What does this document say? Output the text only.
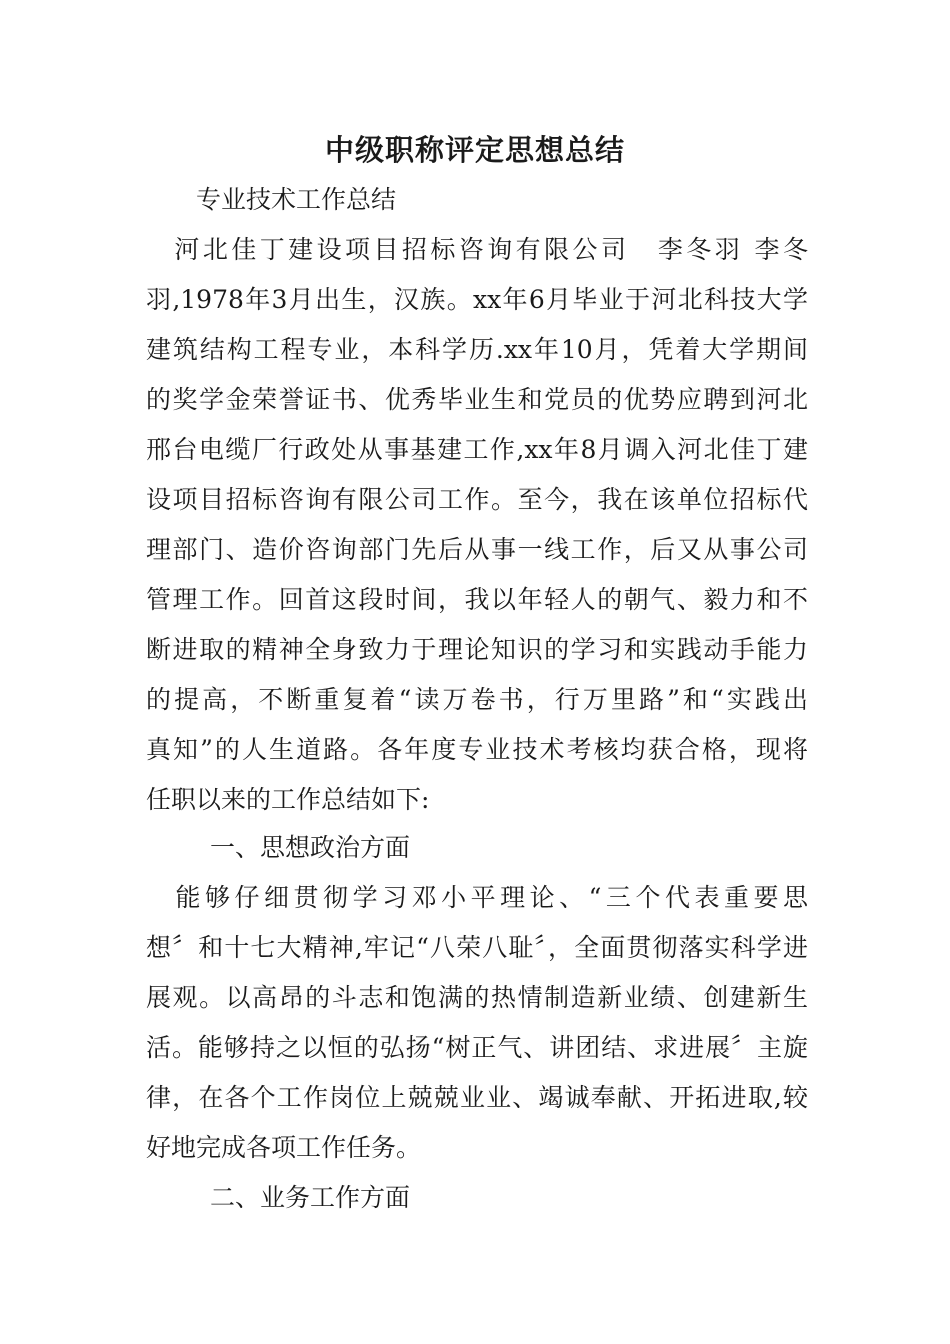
中级职称评定思想总结
专业技术工作总结
　河北佳丁建设项目招标咨询有限公司　李冬羽 李冬
羽,1978年3月出生，汉族。xx年6月毕业于河北科技大学
建筑结构工程专业，本科学历.xx年10月，凭着大学期间
的奖学金荣誉证书、优秀毕业生和党员的优势应聘到河北
邢台电缆厂行政处从事基建工作,xx年8月调入河北佳丁建
设项目招标咨询有限公司工作。至今，我在该单位招标代
理部门、造价咨询部门先后从事一线工作，后又从事公司
管理工作。回首这段时间，我以年轻人的朝气、毅力和不
断进取的精神全身致力于理论知识的学习和实践动手能力
的提高，不断重复着“读万卷书，行万里路”和“实践出
真知”的人生道路。各年度专业技术考核均获合格，现将
任职以来的工作总结如下:
一、思想政治方面
　能够仔细贯彻学习邓小平理论、“三个代表重要思
想〞和十七大精神,牢记“八荣八耻〞，全面贯彻落实科学进
展观。以高昂的斗志和饱满的热情制造新业绩、创建新生
活。能够持之以恒的弘扬“树正气、讲团结、求进展〞主旋
律，在各个工作岗位上兢兢业业、竭诚奉献、开拓进取,较
好地完成各项工作任务。
二、业务工作方面
